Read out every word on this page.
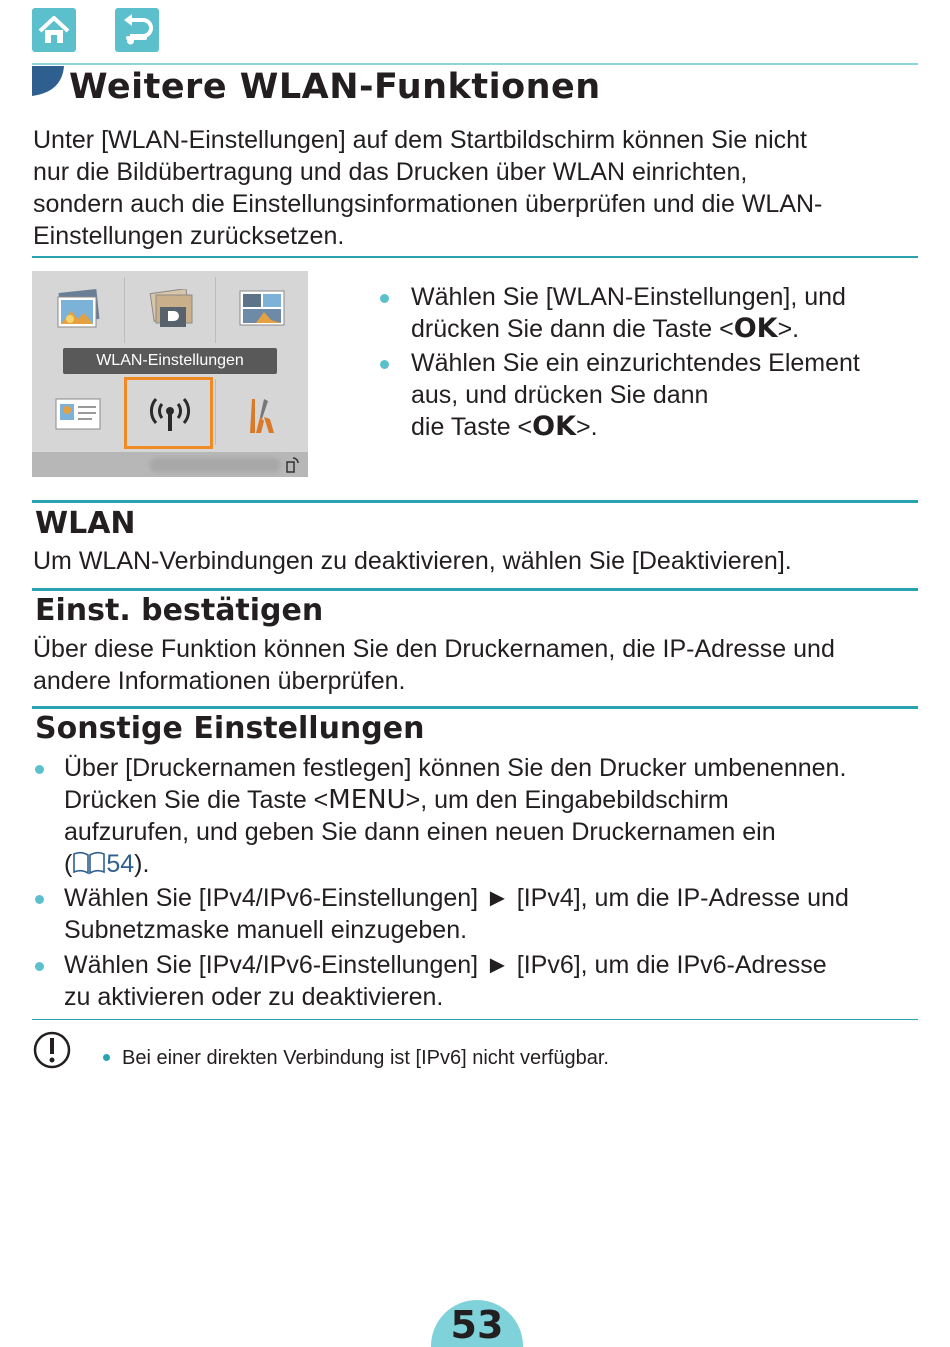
Weitere WLAN-Funktionen
Unter [WLAN-Einstellungen] auf dem Startbildschirm können Sie nicht
nur die Bildübertragung und das Drucken über WLAN einrichten,
sondern auch die Einstellungsinformationen überprüfen und die WLAN-
Einstellungen zurücksetzen.
WLAN-Einstellungen
Wählen Sie [WLAN-Einstellungen], und
drücken Sie dann die Taste <OK>.
Wählen Sie ein einzurichtendes Element
aus, und drücken Sie dann
die Taste <OK>.
WLAN
Um WLAN-Verbindungen zu deaktivieren, wählen Sie [Deaktivieren].
Einst. bestätigen
Über diese Funktion können Sie den Druckernamen, die IP-Adresse und
andere Informationen überprüfen.
Sonstige Einstellungen
Über [Druckernamen festlegen] können Sie den Drucker umbenennen.
Drücken Sie die Taste <MENU>, um den Eingabebildschirm
aufzurufen, und geben Sie dann einen neuen Druckernamen ein
( 54).
Wählen Sie [IPv4/IPv6-Einstellungen] ► [IPv4], um die IP-Adresse und
Subnetzmaske manuell einzugeben.
Wählen Sie [IPv4/IPv6-Einstellungen] ► [IPv6], um die IPv6-Adresse
zu aktivieren oder zu deaktivieren.
Bei einer direkten Verbindung ist [IPv6] nicht verfügbar.
53
